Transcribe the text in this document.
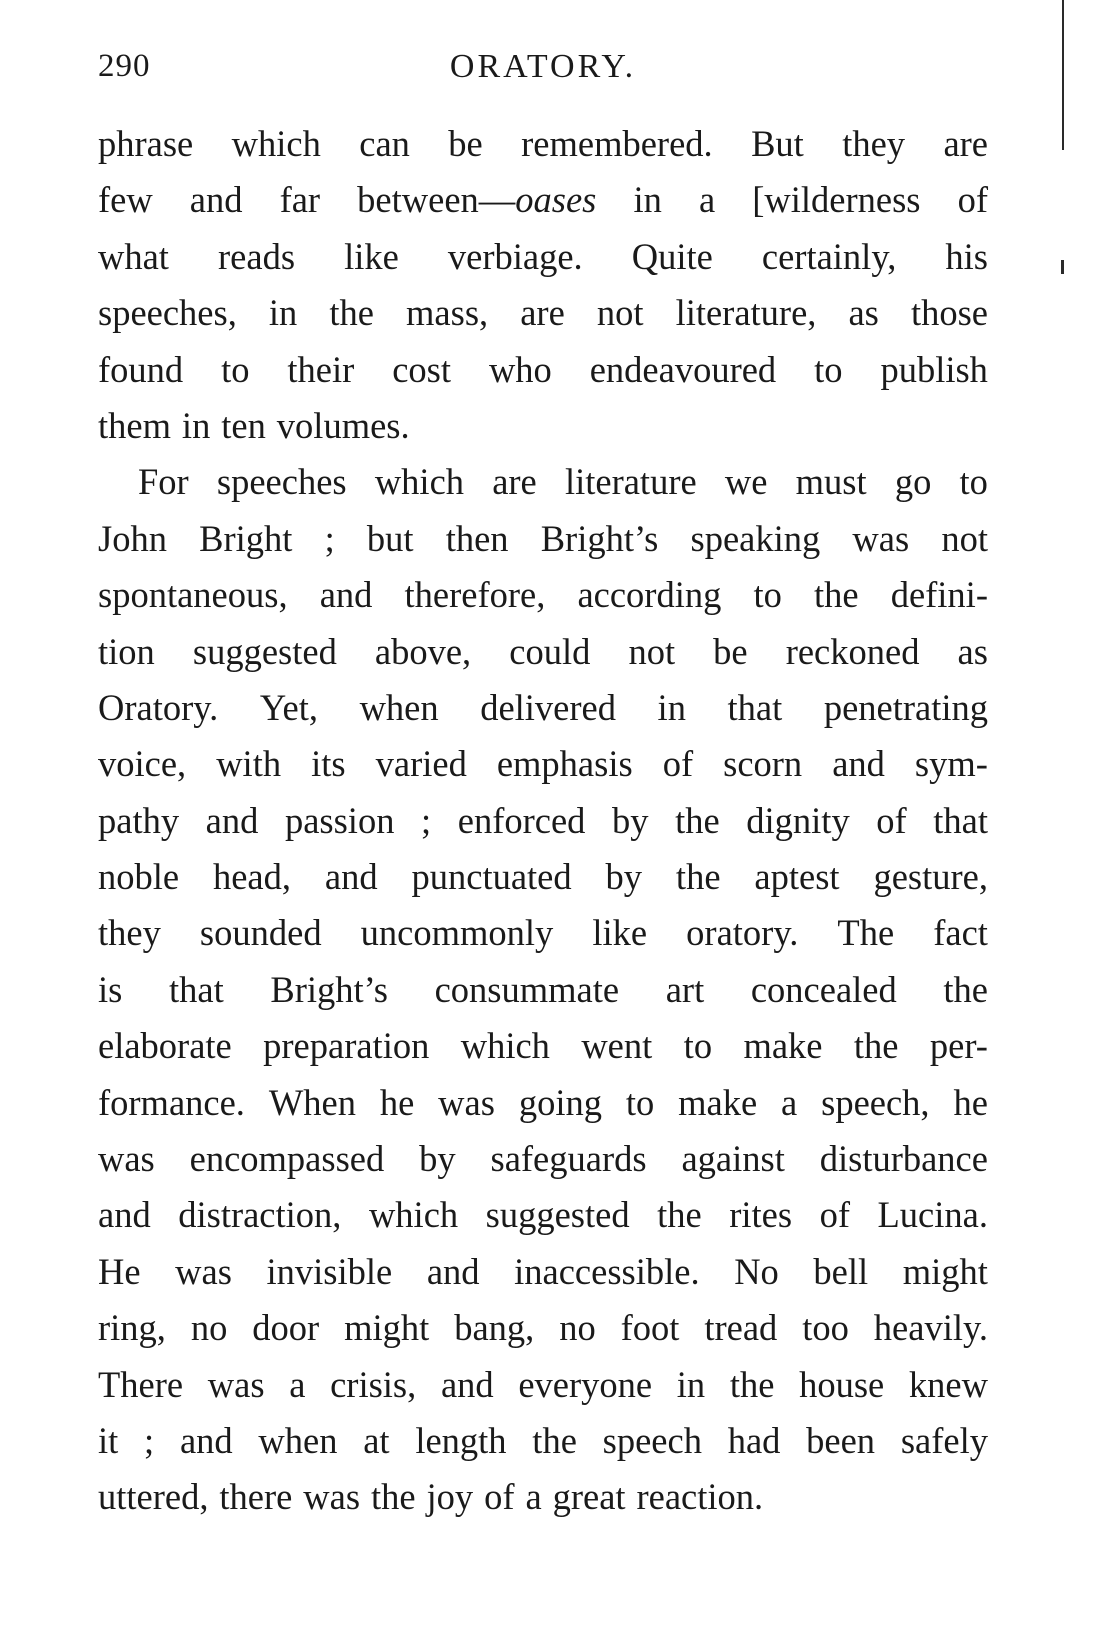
290	ORATORY.
phrase which can be remembered. But they are
few and far between—oases in a [wilderness of
what reads like verbiage. Quite certainly, his
speeches, in the mass, are not literature, as those
found to their cost who endeavoured to publish
them in ten volumes.
For speeches which are literature we must go to
John Bright ; but then Bright’s speaking was not
spontaneous, and therefore, according to the defini-
tion suggested above, could not be reckoned as
Oratory. Yet, when delivered in that penetrating
voice, with its varied emphasis of scorn and sym-
pathy and passion ; enforced by the dignity of that
noble head, and punctuated by the aptest gesture,
they sounded uncommonly like oratory. The fact
is that Bright’s consummate art concealed the
elaborate preparation which went to make the per-
formance. When he was going to make a speech, he
was encompassed by safeguards against disturbance
and distraction, which suggested the rites of Lucina.
He was invisible and inaccessible. No bell might
ring, no door might bang, no foot tread too heavily.
There was a crisis, and everyone in the house knew
it ; and when at length the speech had been safely
uttered, there was the joy of a great reaction.
